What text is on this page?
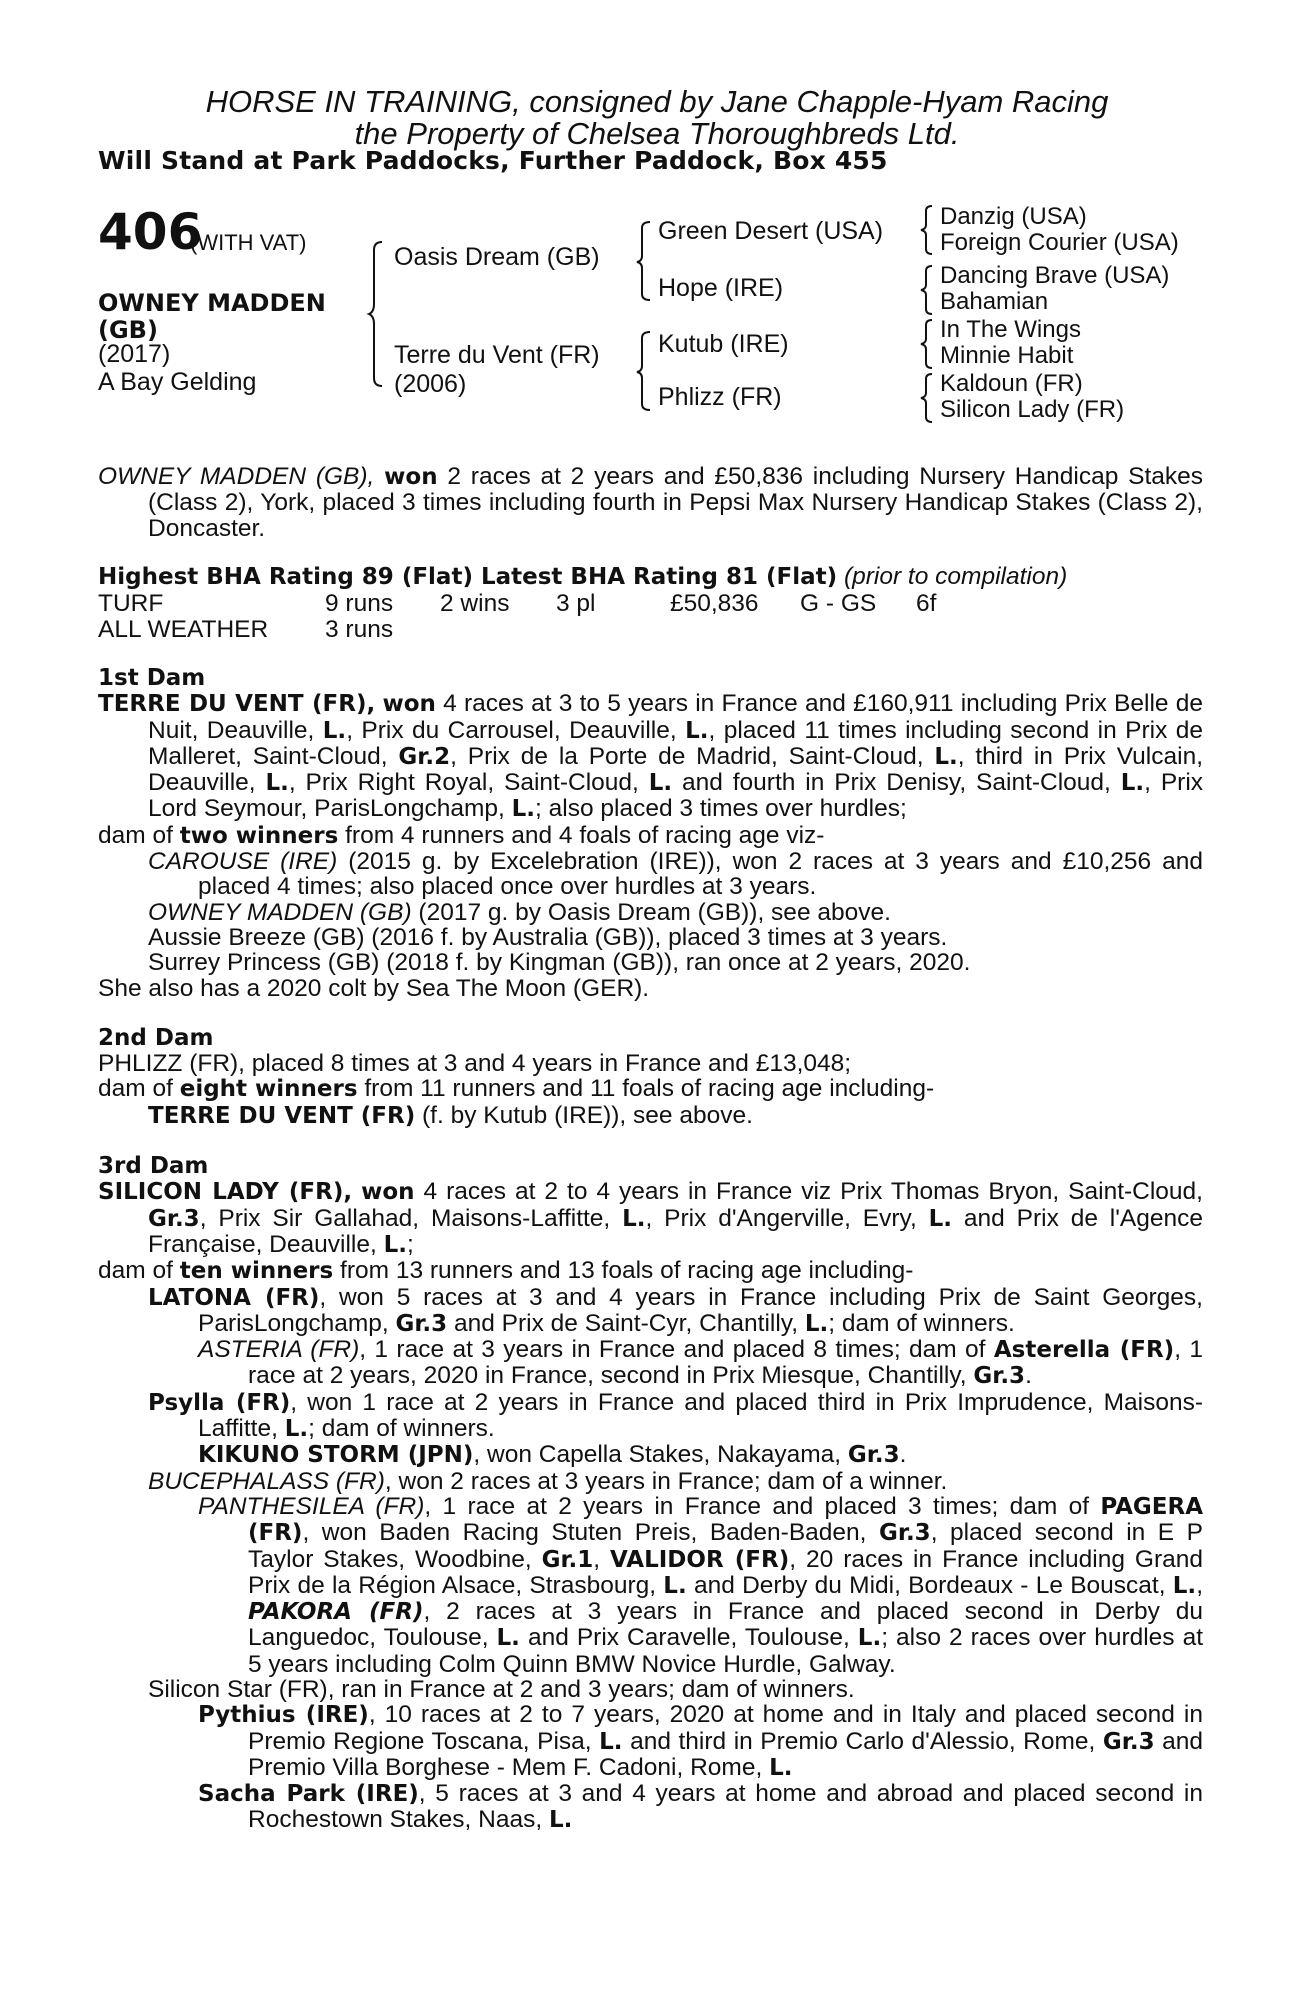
HORSE IN TRAINING, consigned by Jane Chapple-Hyam Racing
the Property of Chelsea Thoroughbreds Ltd.
Will Stand at Park Paddocks, Further Paddock, Box 455
406
(WITH VAT)
OWNEY MADDEN (GB)
(2017)
A Bay Gelding
Oasis Dream (GB)
Terre du Vent (FR)
(2006)
Green Desert (USA)
Hope (IRE)
Kutub (IRE)
Phlizz (FR)
Danzig (USA)
Foreign Courier (USA)
Dancing Brave (USA)
Bahamian
In The Wings
Minnie Habit
Kaldoun (FR)
Silicon Lady (FR)

OWNEY MADDEN (GB), won 2 races at 2 years and £50,836 including Nursery Handicap Stakes (Class 2), York, placed 3 times including fourth in Pepsi Max Nursery Handicap Stakes (Class 2), Doncaster.

Highest BHA Rating 89 (Flat) Latest BHA Rating 81 (Flat) (prior to compilation)

TURF	9 runs 2 wins 3 pl	£50,836 G - GS 6f
ALL WEATHER 3 runs

1st Dam

TERRE DU VENT (FR), won 4 races at 3 to 5 years in France and £160,911 including Prix Belle de Nuit, Deauville, L., Prix du Carrousel, Deauville, L., placed 11 times including second in Prix de Malleret, Saint-Cloud, Gr.2, Prix de la Porte de Madrid, Saint-Cloud, L., third in Prix Vulcain, Deauville, L., Prix Right Royal, Saint-Cloud, L. and fourth in Prix Denisy, Saint-Cloud, L., Prix Lord Seymour, ParisLongchamp, L.; also placed 3 times over hurdles;

dam of two winners from 4 runners and 4 foals of racing age viz-

CAROUSE (IRE) (2015 g. by Excelebration (IRE)), won 2 races at 3 years and £10,256 and placed 4 times; also placed once over hurdles at 3 years.

OWNEY MADDEN (GB) (2017 g. by Oasis Dream (GB)), see above.

Aussie Breeze (GB) (2016 f. by Australia (GB)), placed 3 times at 3 years.

Surrey Princess (GB) (2018 f. by Kingman (GB)), ran once at 2 years, 2020.

She also has a 2020 colt by Sea The Moon (GER).

2nd Dam

PHLIZZ (FR), placed 8 times at 3 and 4 years in France and £13,048;

dam of eight winners from 11 runners and 11 foals of racing age including-

TERRE DU VENT (FR) (f. by Kutub (IRE)), see above.

3rd Dam

SILICON LADY (FR), won 4 races at 2 to 4 years in France viz Prix Thomas Bryon, Saint-Cloud, Gr.3, Prix Sir Gallahad, Maisons-Laffitte, L., Prix d'Angerville, Evry, L. and Prix de l'Agence Française, Deauville, L.;

dam of ten winners from 13 runners and 13 foals of racing age including-

LATONA (FR), won 5 races at 3 and 4 years in France including Prix de Saint Georges, ParisLongchamp, Gr.3 and Prix de Saint-Cyr, Chantilly, L.; dam of winners.

ASTERIA (FR), 1 race at 3 years in France and placed 8 times; dam of Asterella (FR), 1 race at 2 years, 2020 in France, second in Prix Miesque, Chantilly, Gr.3.

Psylla (FR), won 1 race at 2 years in France and placed third in Prix Imprudence, Maisons-Laffitte, L.; dam of winners.

KIKUNO STORM (JPN), won Capella Stakes, Nakayama, Gr.3.

BUCEPHALASS (FR), won 2 races at 3 years in France; dam of a winner.

PANTHESILEA (FR), 1 race at 2 years in France and placed 3 times; dam of PAGERA (FR), won Baden Racing Stuten Preis, Baden-Baden, Gr.3, placed second in E P Taylor Stakes, Woodbine, Gr.1, VALIDOR (FR), 20 races in France including Grand Prix de la Région Alsace, Strasbourg, L. and Derby du Midi, Bordeaux - Le Bouscat, L., PAKORA (FR), 2 races at 3 years in France and placed second in Derby du Languedoc, Toulouse, L. and Prix Caravelle, Toulouse, L.; also 2 races over hurdles at 5 years including Colm Quinn BMW Novice Hurdle, Galway.

Silicon Star (FR), ran in France at 2 and 3 years; dam of winners.

Pythius (IRE), 10 races at 2 to 7 years, 2020 at home and in Italy and placed second in Premio Regione Toscana, Pisa, L. and third in Premio Carlo d'Alessio, Rome, Gr.3 and Premio Villa Borghese - Mem F. Cadoni, Rome, L.

Sacha Park (IRE), 5 races at 3 and 4 years at home and abroad and placed second in Rochestown Stakes, Naas, L.
